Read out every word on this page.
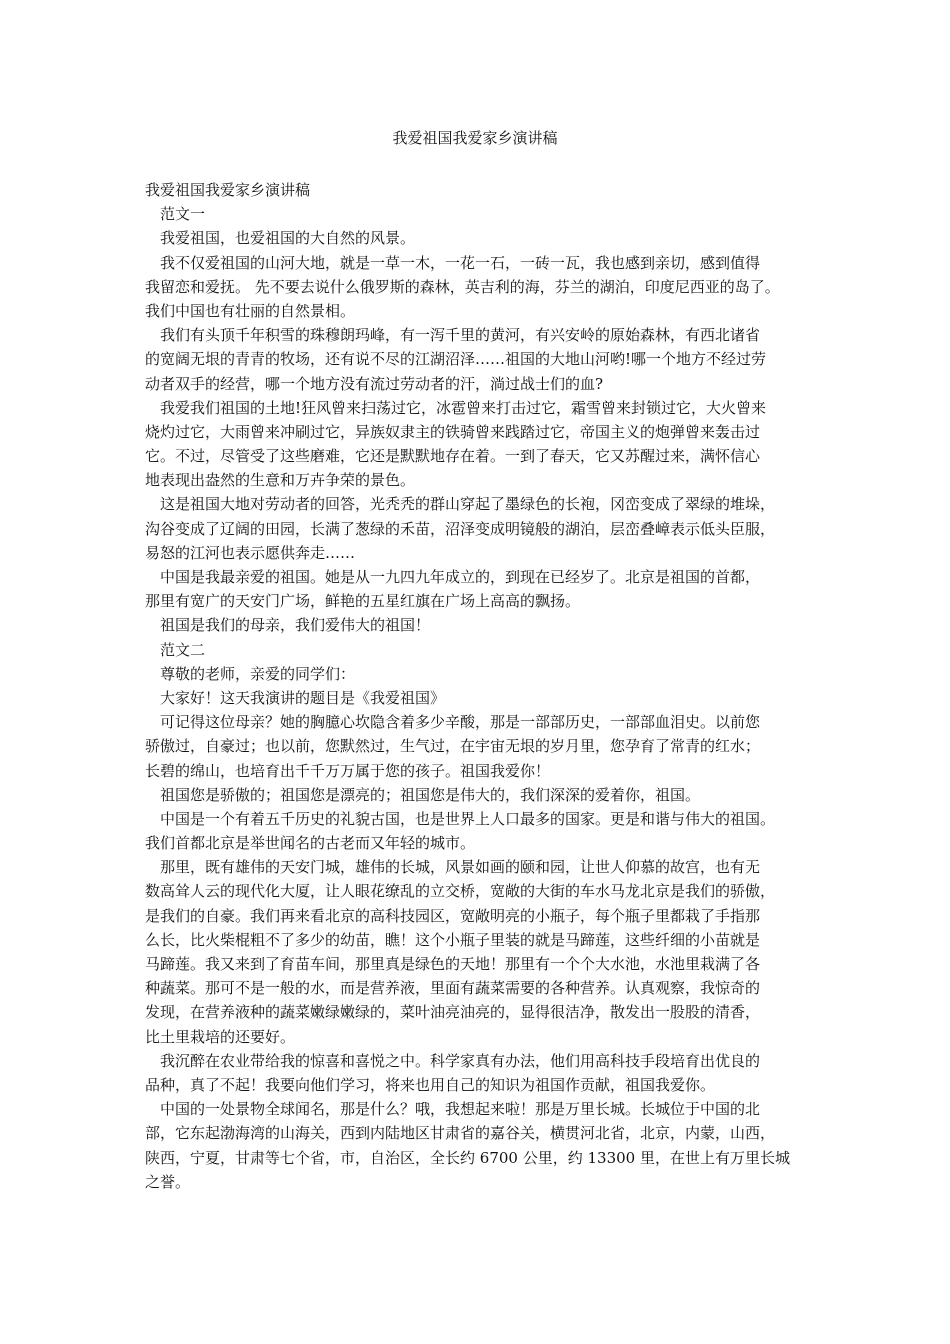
我爱祖国我爱家乡演讲稿

我爱祖国我爱家乡演讲稿

范文一

我爱祖国，也爱祖国的大自然的风景。

我不仅爱祖国的山河大地，就是一草一木，一花一石，一砖一瓦，我也感到亲切，感到值得

我留恋和爱抚。 先不要去说什么俄罗斯的森林，英吉利的海，芬兰的湖泊，印度尼西亚的岛了。

我们中国也有壮丽的自然景相。

我们有头顶千年积雪的珠穆朗玛峰，有一泻千里的黄河，有兴安岭的原始森林，有西北诸省

的宽阔无垠的青青的牧场，还有说不尽的江湖沼泽……祖国的大地山河哟!哪一个地方不经过劳

动者双手的经营，哪一个地方没有流过劳动者的汗，淌过战士们的血?

我爱我们祖国的土地!狂风曾来扫荡过它，冰雹曾来打击过它，霜雪曾来封锁过它，大火曾来

烧灼过它，大雨曾来冲刷过它，异族奴隶主的铁骑曾来践踏过它，帝国主义的炮弹曾来轰击过

它。不过，尽管受了这些磨难，它还是默默地存在着。一到了春天，它又苏醒过来，满怀信心

地表现出盎然的生意和万卉争荣的景色。

这是祖国大地对劳动者的回答，光秃秃的群山穿起了墨绿色的长袍，冈峦变成了翠绿的堆垛，

沟谷变成了辽阔的田园，长满了葱绿的禾苗，沼泽变成明镜般的湖泊，层峦叠嶂表示低头臣服，

易怒的江河也表示愿供奔走……

中国是我最亲爱的祖国。她是从一九四九年成立的，到现在已经岁了。北京是祖国的首都，

那里有宽广的天安门广场，鲜艳的五星红旗在广场上高高的飘扬。

祖国是我们的母亲，我们爱伟大的祖国！

范文二

尊敬的老师，亲爱的同学们：

大家好！这天我演讲的题目是《我爱祖国》

可记得这位母亲？她的胸臆心坎隐含着多少辛酸，那是一部部历史，一部部血泪史。以前您

骄傲过，自豪过；也以前，您默然过，生气过，在宇宙无垠的岁月里，您孕育了常青的红水；

长碧的绵山，也培育出千千万万属于您的孩子。祖国我爱你！

祖国您是骄傲的；祖国您是漂亮的；祖国您是伟大的，我们深深的爱着你，祖国。

中国是一个有着五千历史的礼貌古国，也是世界上人口最多的国家。更是和谐与伟大的祖国。

我们首都北京是举世闻名的古老而又年轻的城市。

那里，既有雄伟的天安门城，雄伟的长城，风景如画的颐和园，让世人仰慕的故宫，也有无

数高耸人云的现代化大厦，让人眼花缭乱的立交桥，宽敞的大街的车水马龙北京是我们的骄傲，

是我们的自豪。我们再来看北京的高科技园区，宽敞明亮的小瓶子，每个瓶子里都栽了手指那

么长，比火柴棍粗不了多少的幼苗，瞧！这个小瓶子里装的就是马蹄莲，这些纤细的小苗就是

马蹄莲。我又来到了育苗车间，那里真是绿色的天地！那里有一个个大水池，水池里栽满了各

种蔬菜。那可不是一般的水，而是营养液，里面有蔬菜需要的各种营养。认真观察，我惊奇的

发现，在营养液种的蔬菜嫩绿嫩绿的，菜叶油亮油亮的，显得很洁净，散发出一股股的清香，

比土里栽培的还要好。

我沉醉在农业带给我的惊喜和喜悦之中。科学家真有办法，他们用高科技手段培育出优良的

品种，真了不起！我要向他们学习，将来也用自己的知识为祖国作贡献，祖国我爱你。

中国的一处景物全球闻名，那是什么？哦，我想起来啦！那是万里长城。长城位于中国的北

部，它东起渤海湾的山海关，西到内陆地区甘肃省的嘉谷关，横贯河北省，北京，内蒙，山西，

陕西，宁夏，甘肃等七个省，市，自治区，全长约 6700 公里，约 13300 里，在世上有万里长城

之誉。
